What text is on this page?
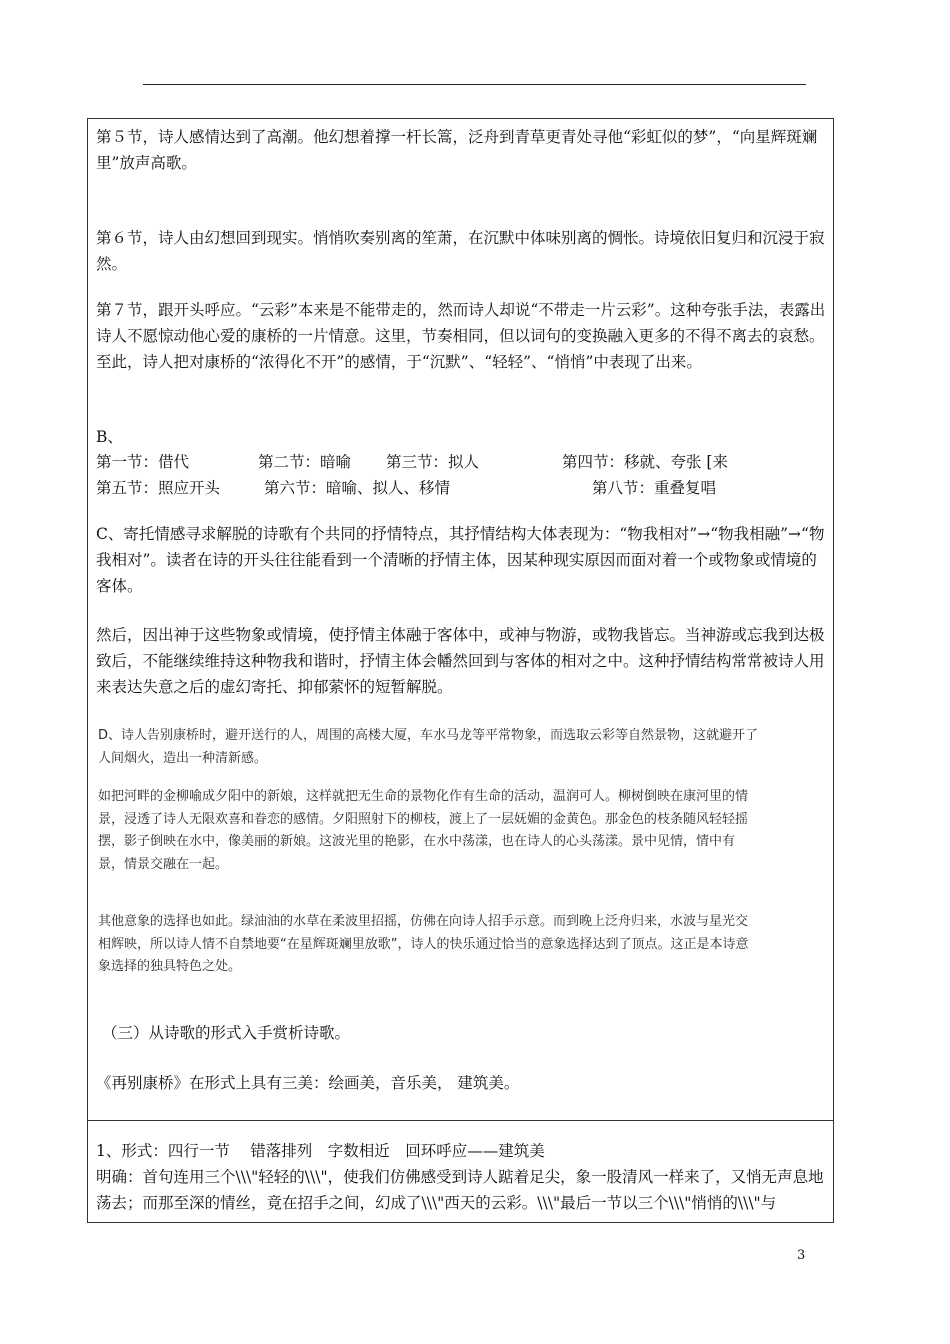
第５节，诗人感情达到了高潮。他幻想着撑一杆长篙，泛舟到青草更青处寻他“彩虹似的梦”，“向星辉斑斓里”放声高歌。

第６节，诗人由幻想回到现实。悄悄吹奏别离的笙萧，在沉默中体味别离的惆怅。诗境依旧复归和沉浸于寂然。

第７节，跟开头呼应。“云彩”本来是不能带走的，然而诗人却说“不带走一片云彩”。这种夸张手法，表露出诗人不愿惊动他心爱的康桥的一片情意。这里，节奏相同，但以词句的变换融入更多的不得不离去的哀愁。至此，诗人把对康桥的“浓得化不开”的感情，于“沉默”、“轻轻”、“悄悄”中表现了出来。

B、
第一节：借代	第二节：暗喻 第三节：拟人	第四节：移就、夸张 [来
第五节：照应开头	第六节：暗喻、拟人、移情	第八节：重叠复唱

C、寄托情感寻求解脱的诗歌有个共同的抒情特点，其抒情结构大体表现为：“物我相对”→“物我相融”→“物我相对”。读者在诗的开头往往能看到一个清晰的抒情主体，因某种现实原因而面对着一个或物象或情境的客体。

然后，因出神于这些物象或情境，使抒情主体融于客体中，或神与物游，或物我皆忘。当神游或忘我到达极致后，不能继续维持这种物我和谐时，抒情主体会幡然回到与客体的相对之中。这种抒情结构常常被诗人用来表达失意之后的虚幻寄托、抑郁萦怀的短暂解脱。

D、诗人告别康桥时，避开送行的人，周围的高楼大厦，车水马龙等平常物象，而选取云彩等自然景物，这就避开了人间烟火，造出一种清新感。

如把河畔的金柳喻成夕阳中的新娘，这样就把无生命的景物化作有生命的活动，温润可人。柳树倒映在康河里的情景，浸透了诗人无限欢喜和眷恋的感情。夕阳照射下的柳枝，渡上了一层妩媚的金黄色。那金色的枝条随风轻轻摇摆，影子倒映在水中，像美丽的新娘。这波光里的艳影，在水中荡漾，也在诗人的心头荡漾。景中见情，情中有景，情景交融在一起。

其他意象的选择也如此。绿油油的水草在柔波里招摇，仿佛在向诗人招手示意。而到晚上泛舟归来，水波与星光交相辉映，所以诗人情不自禁地要“在星辉斑斓里放歌”，诗人的快乐通过恰当的意象选择达到了顶点。这正是本诗意象选择的独具特色之处。

（三）从诗歌的形式入手赏析诗歌。

《再别康桥》在形式上具有三美：绘画美，音乐美， 建筑美。

1、形式：四行一节　 错落排列　字数相近　回环呼应——建筑美

明确：首句连用三个\\\"轻轻的\\\"，使我们仿佛感受到诗人踮着足尖，象一股清风一样来了，又悄无声息地荡去；而那至深的情丝，竟在招手之间，幻成了\\\"西天的云彩。\\\"最后一节以三个\\\"悄悄的\\\"与

3
